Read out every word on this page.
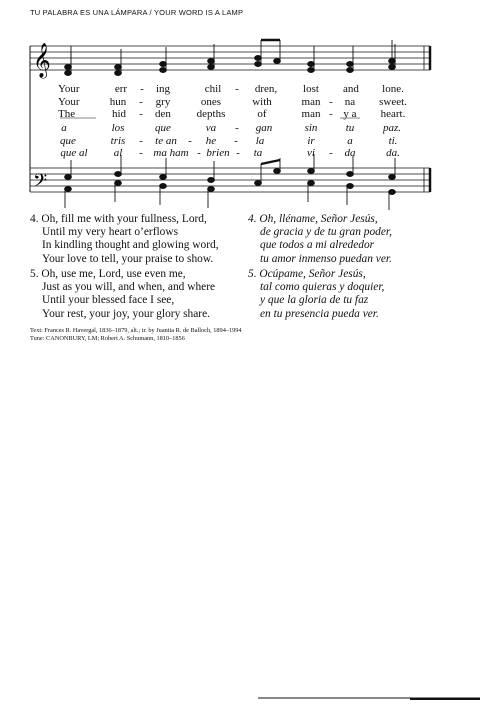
TU PALABRA ES UNA LÁMPARA / YOUR WORD IS A LAMP
𝄞
𝄢
Your	err - ing	chil - dren, lost and lone.
Your	hun - gry	ones	with	man - na sweet.
The	hid - den depths	of	man - y a heart.
a	los	que	va - gan	sin	tu	paz.
que	tris - te an - he - la	ir	a	ti.
que al al - ma ham - brien - ta	vi - da	da.
4. Oh, fill me with your fullness, Lord,
Until my very heart o’erflows
In kindling thought and glowing word,
Your love to tell, your praise to show.
5. Oh, use me, Lord, use even me,
Just as you will, and when, and where
Until your blessed face I see,
Your rest, your joy, your glory share.
4. Oh, lléname, Señor Jesús,
de gracia y de tu gran poder,
que todos a mi alrededor
tu amor inmenso puedan ver.
5. Ocúpame, Señor Jesús,
tal como quieras y doquier,
y que la gloria de tu faz
en tu presencia pueda ver.
Text: Frances R. Havergal, 1836–1879, alt.; tr. by Juanita R. de Balloch, 1894–1994
Tune: CANONBURY, LM; Robert A. Schumann, 1810–1856
